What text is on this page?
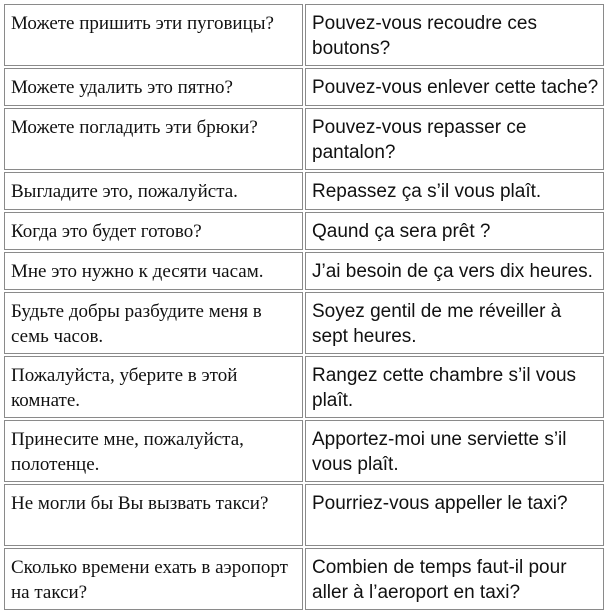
Можете пришить эти пуговицы?	Pouvez-vous recoudre ces boutons?
Можете удалить это пятно?	Pouvez-vous enlever cette tache?
Можете погладить эти брюки?	Pouvez-vous repasser ce pantalon?
Выгладите это, пожалуйста.	Repassez ça s’il vous plaît.
Когда это будет готово?	Qaund ça sera prêt ?
Мне это нужно к десяти часам.	J’ai besoin de ça vers dix heures.
Будьте добры разбудите меня в семь часов.	Soyez gentil de me réveiller à sept heures.
Пожалуйста, уберите в этой комнате.	Rangez cette chambre s’il vous plaît.
Принесите мне, пожалуйста, полотенце.	Apportez-moi une serviette s’il vous plaît.
Не могли бы Вы вызвать такси?	Pourriez-vous appeller le taxi?
Сколько времени ехать в аэропорт на такси?	Combien de temps faut-il pour aller à l’aeroport en taxi?
